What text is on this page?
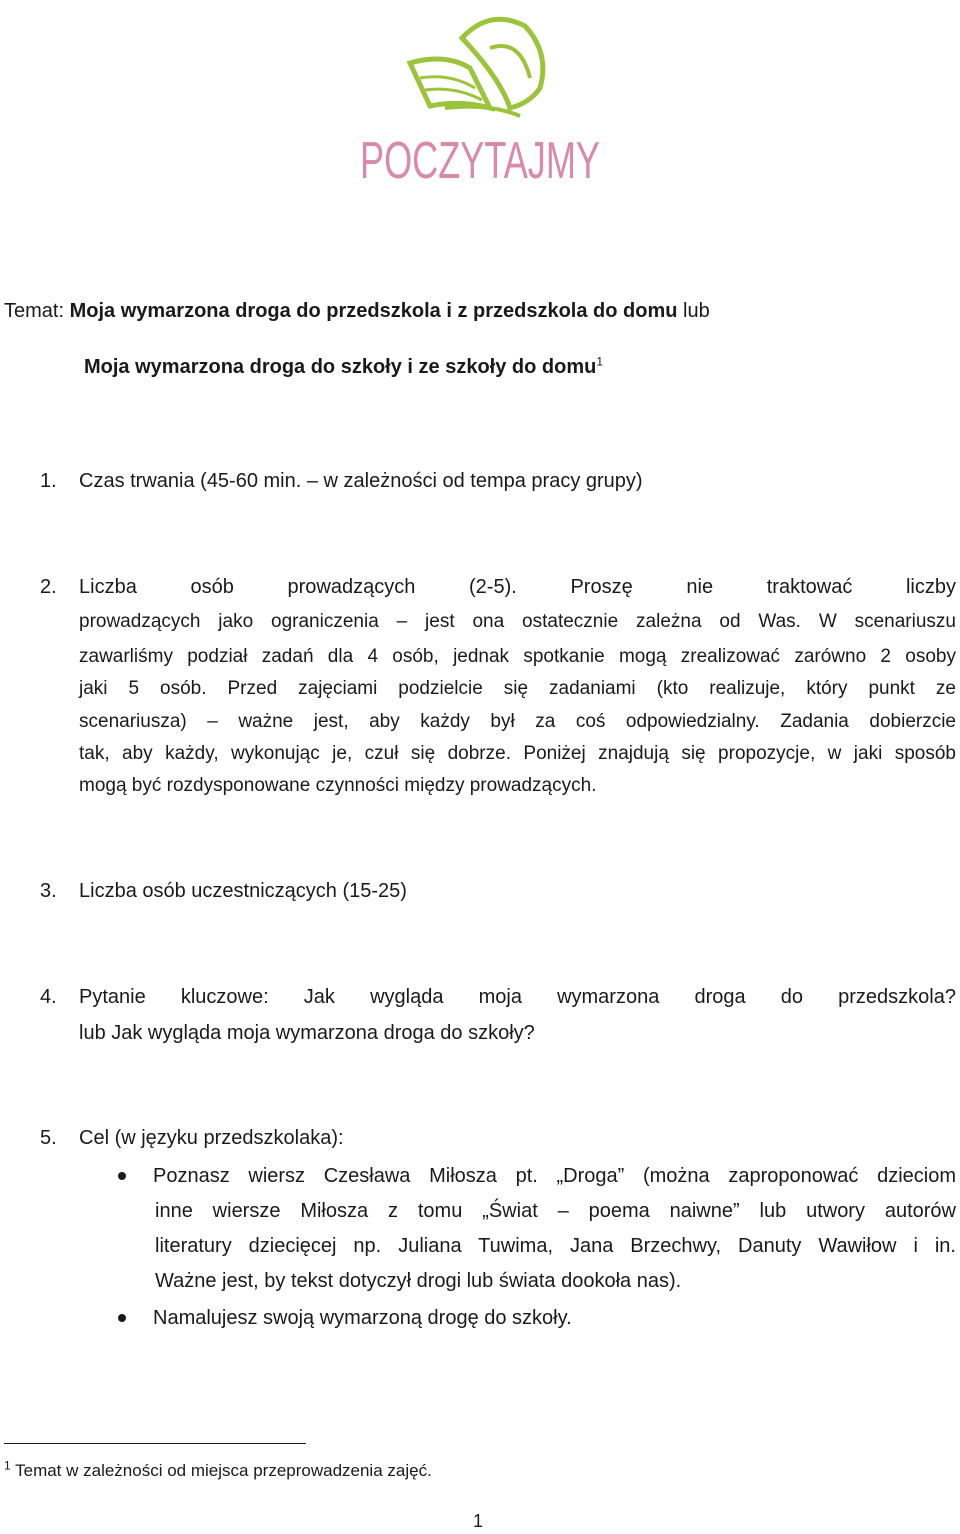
POCZYTAJMY
Temat: Moja wymarzona droga do przedszkola i z przedszkola do domu lub
Moja wymarzona droga do szkoły i ze szkoły do domu$^1$
1. Czas trwania (45-60 min. – w zależności od tempa pracy grupy)
2. Liczba osób prowadzących (2-5). Proszę nie traktować liczby
prowadzących jako ograniczenia – jest ona ostatecznie zależna od Was. W scenariuszu
zawarliśmy podział zadań dla 4 osób, jednak spotkanie mogą zrealizować zarówno 2 osoby
jaki 5 osób. Przed zajęciami podzielcie się zadaniami (kto realizuje, który punkt ze
scenariusza) – ważne jest, aby każdy był za coś odpowiedzialny. Zadania dobierzcie
tak, aby każdy, wykonując je, czuł się dobrze. Poniżej znajdują się propozycje, w jaki sposób
mogą być rozdysponowane czynności między prowadzących.
3. Liczba osób uczestniczących (15-25)
4. Pytanie kluczowe: Jak wygląda moja wymarzona droga do przedszkola?
lub Jak wygląda moja wymarzona droga do szkoły?
5. Cel (w języku przedszkolaka):
Poznasz wiersz Czesława Miłosza pt. „Droga” (można zaproponować dzieciom
inne wiersze Miłosza z tomu „Świat – poema naiwne” lub utwory autorów
literatury dziecięcej np. Juliana Tuwima, Jana Brzechwy, Danuty Wawiłow i in.
Ważne jest, by tekst dotyczył drogi lub świata dookoła nas).
Namalujesz swoją wymarzoną drogę do szkoły.
$^1$ Temat w zależności od miejsca przeprowadzenia zajęć.
1
